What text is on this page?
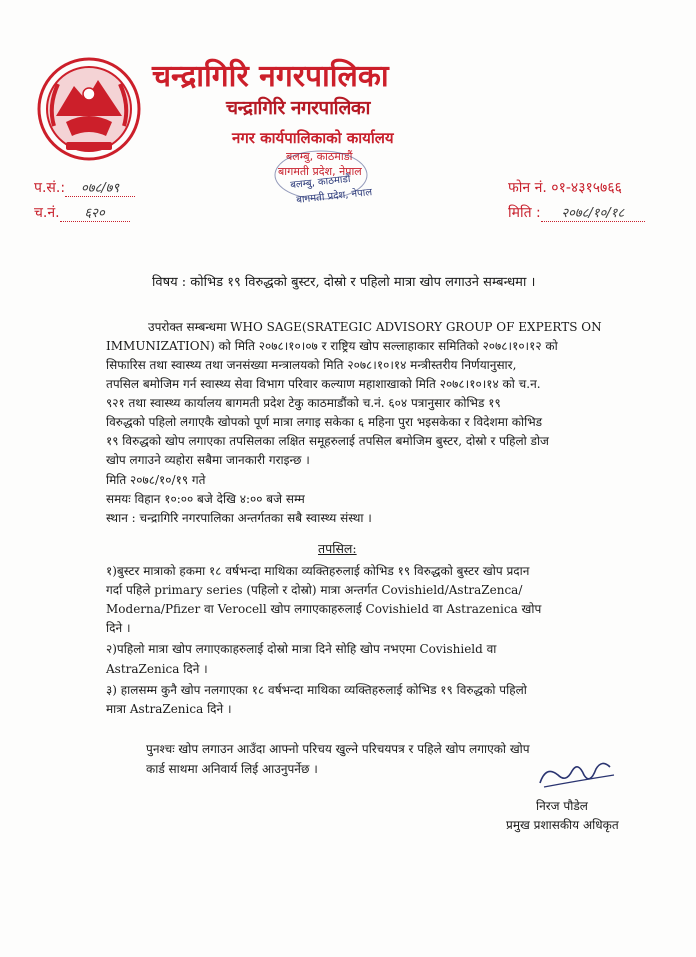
चन्द्रागिरि नगरपालिका
चन्द्रागिरि नगरपालिका
नगर कार्यपालिकाको कार्यालय
बलम्बु, काठमाडौं
बागमती प्रदेश, नेपाल
बलम्बु, काठमाडौं
बागमती प्रदेश, नेपाल
प.सं.: ०७८/७९
च.नं. ६२०
फोन नं. ०१-४३१५७६६
मिति : २०७८/१०/१८
विषय : कोभिड १९ विरुद्धको बुस्टर, दोस्रो र पहिलो मात्रा खोप लगाउने सम्बन्धमा ।
उपरोक्त सम्बन्धमा WHO SAGE(SRATEGIC ADVISORY GROUP OF EXPERTS ON
IMMUNIZATION) को मिति २०७८।१०।०७ र राष्ट्रिय खोप सल्लाहाकार समितिको २०७८।१०।१२ को
सिफारिस तथा स्वास्थ्य तथा जनसंख्या मन्त्रालयको मिति २०७८।१०।१४ मन्त्रीस्तरीय निर्णयानुसार,
तपसिल बमोजिम गर्न स्वास्थ्य सेवा विभाग परिवार कल्याण महाशाखाको मिति २०७८।१०।१४ को च.न.
९२१ तथा स्वास्थ्य कार्यालय बागमती प्रदेश टेकु काठमाडौंको च.नं. ६०४ पत्रानुसार कोभिड १९
विरुद्धको पहिलो लगाएकै खोपको पूर्ण मात्रा लगाइ सकेका ६ महिना पुरा भइसकेका र विदेशमा कोभिड
१९ विरुद्धको खोप लगाएका तपसिलका लक्षित समूहरुलाई तपसिल बमोजिम बुस्टर, दोस्रो र पहिलो डोज
खोप लगाउने व्यहोरा सबैमा जानकारी गराइन्छ ।
मिति २०७८/१०/१९ गते
समयः विहान १०:०० बजे देखि ४:०० बजे सम्म
स्थान : चन्द्रागिरि नगरपालिका अन्तर्गतका सबै स्वास्थ्य संस्था ।
तपसिल:
१)बुस्टर मात्राको हकमा १८ वर्षभन्दा माथिका व्यक्तिहरुलाई कोभिड १९ विरुद्धको बुस्टर खोप प्रदान
गर्दा पहिले primary series (पहिलो र दोस्रो) मात्रा अन्तर्गत Covishield/AstraZenca/
Moderna/Pfizer वा Verocell खोप लगाएकाहरुलाई Covishield वा Astrazenica खोप
दिने ।
२)पहिलो मात्रा खोप लगाएकाहरुलाई दोस्रो मात्रा दिने सोहि खोप नभएमा Covishield वा
AstraZenica दिने ।
३) हालसम्म कुनै खोप नलगाएका १८ वर्षभन्दा माथिका व्यक्तिहरुलाई कोभिड १९ विरुद्धको पहिलो
मात्रा AstraZenica दिने ।
पुनश्चः खोप लगाउन आउँदा आफ्नो परिचय खुल्ने परिचयपत्र र पहिले खोप लगाएको खोप
कार्ड साथमा अनिवार्य लिई आउनुपर्नेछ ।
निरज पौडेल
प्रमुख प्रशासकीय अधिकृत
